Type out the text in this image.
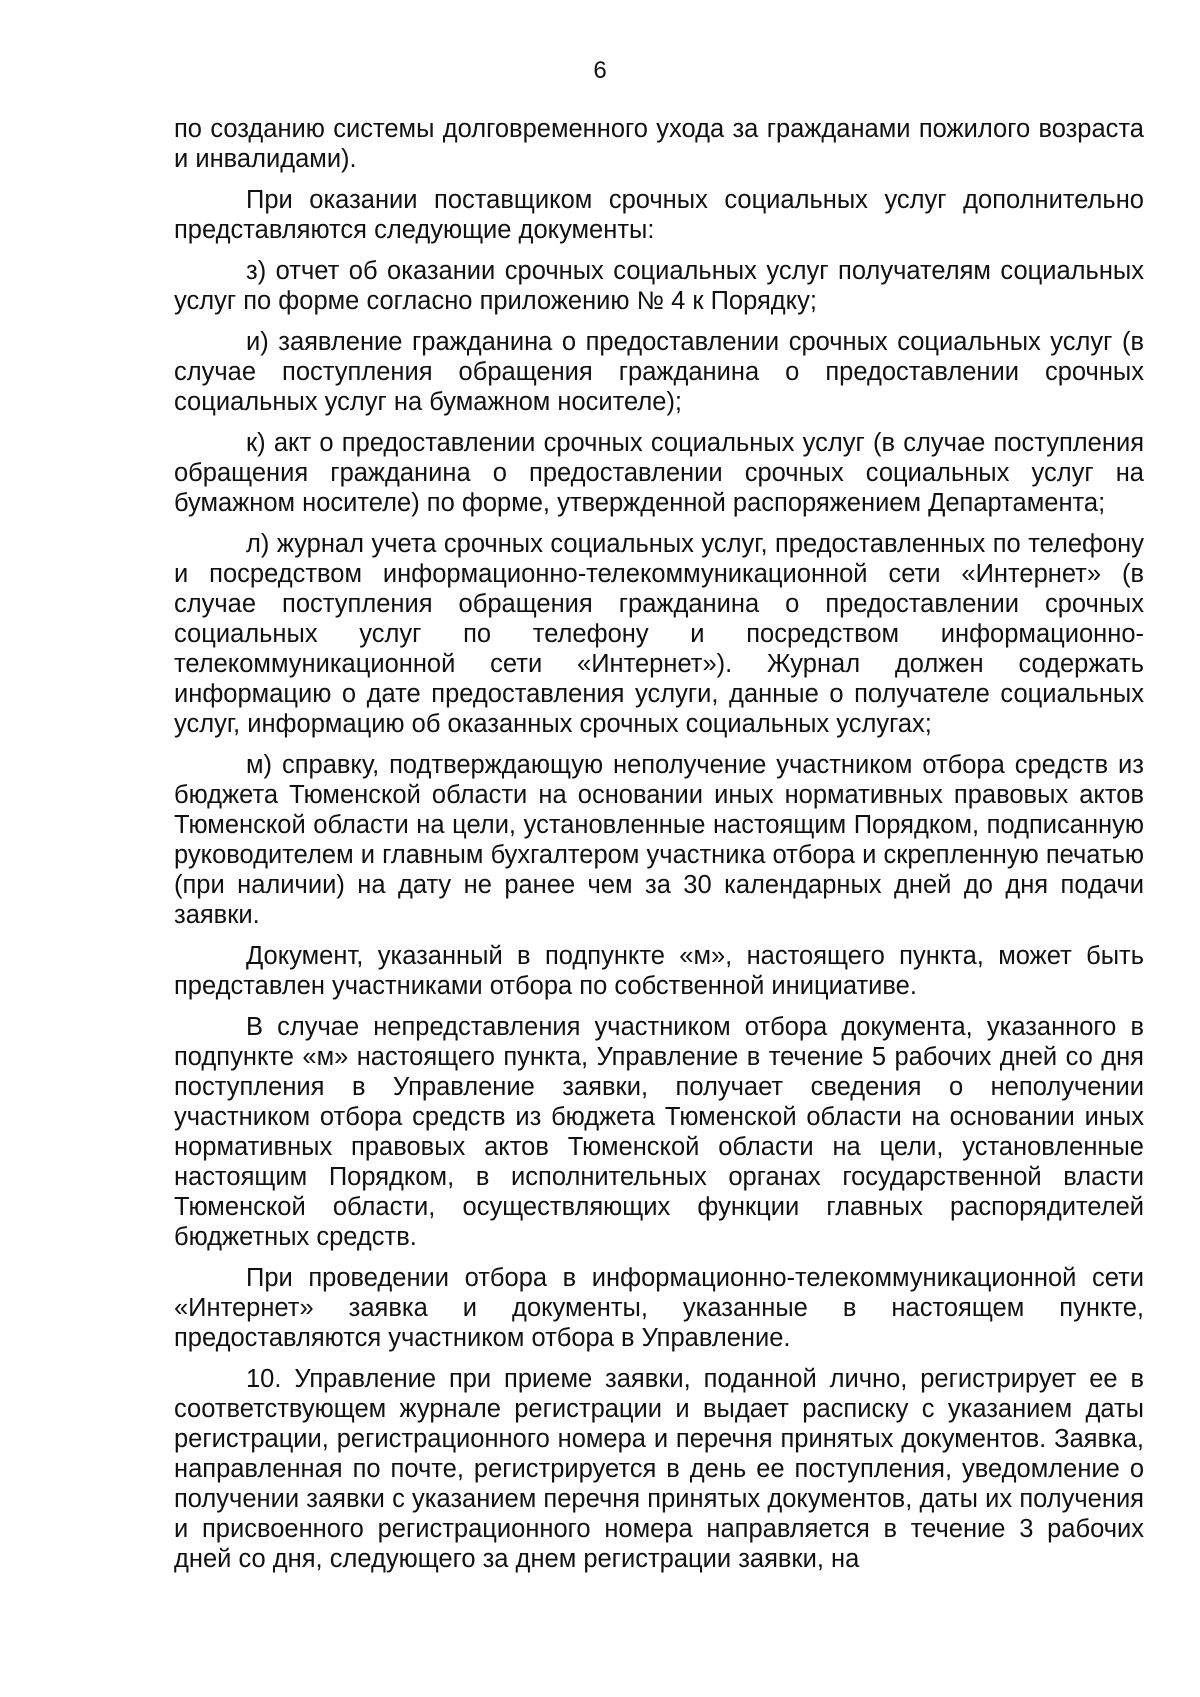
6

по созданию системы долговременного ухода за гражданами пожилого возраста и инвалидами).

При оказании поставщиком срочных социальных услуг дополнительно представляются следующие документы:

з) отчет об оказании срочных социальных услуг получателям социальных услуг по форме согласно приложению № 4 к Порядку;

и) заявление гражданина о предоставлении срочных социальных услуг (в случае поступления обращения гражданина о предоставлении срочных социальных услуг на бумажном носителе);

к) акт о предоставлении срочных социальных услуг (в случае поступления обращения гражданина о предоставлении срочных социальных услуг на бумажном носителе) по форме, утвержденной распоряжением Департамента;

л) журнал учета срочных социальных услуг, предоставленных по телефону и посредством информационно-телекоммуникационной сети «Интернет» (в случае поступления обращения гражданина о предоставлении срочных социальных услуг по телефону и посредством информационно-телекоммуникационной сети «Интернет»). Журнал должен содержать информацию о дате предоставления услуги, данные о получателе социальных услуг, информацию об оказанных срочных социальных услугах;

м) справку, подтверждающую неполучение участником отбора средств из бюджета Тюменской области на основании иных нормативных правовых актов Тюменской области на цели, установленные настоящим Порядком, подписанную руководителем и главным бухгалтером участника отбора и скрепленную печатью (при наличии) на дату не ранее чем за 30 календарных дней до дня подачи заявки.

Документ, указанный в подпункте «м», настоящего пункта, может быть представлен участниками отбора по собственной инициативе.

В случае непредставления участником отбора документа, указанного в подпункте «м» настоящего пункта, Управление в течение 5 рабочих дней со дня поступления в Управление заявки, получает сведения о неполучении участником отбора средств из бюджета Тюменской области на основании иных нормативных правовых актов Тюменской области на цели, установленные настоящим Порядком, в исполнительных органах государственной власти Тюменской области, осуществляющих функции главных распорядителей бюджетных средств.

При проведении отбора в информационно-телекоммуникационной сети «Интернет» заявка и документы, указанные в настоящем пункте, предоставляются участником отбора в Управление.

10. Управление при приеме заявки, поданной лично, регистрирует ее в соответствующем журнале регистрации и выдает расписку с указанием даты регистрации, регистрационного номера и перечня принятых документов. Заявка, направленная по почте, регистрируется в день ее поступления, уведомление о получении заявки с указанием перечня принятых документов, даты их получения и присвоенного регистрационного номера направляется в течение 3 рабочих дней со дня, следующего за днем регистрации заявки, на
